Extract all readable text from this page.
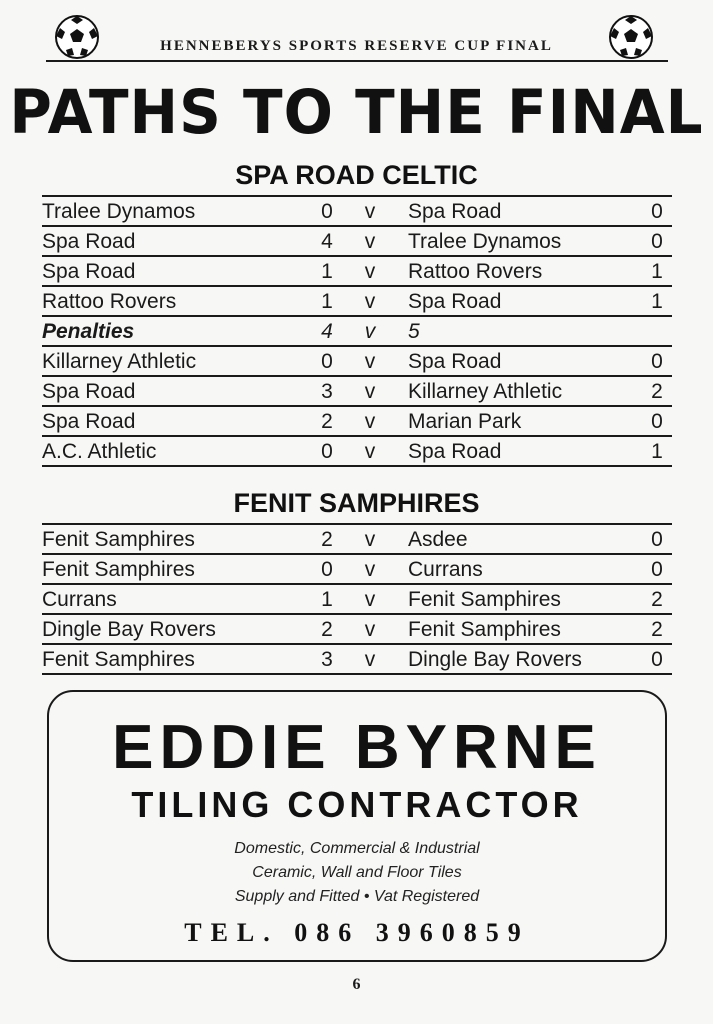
HENNEBERYS SPORTS RESERVE CUP FINAL
PATHS TO THE FINAL
SPA ROAD CELTIC
Tralee Dynamos	0 v Spa Road	0
Spa Road	4 v Tralee Dynamos	0
Spa Road	1 v Rattoo Rovers	1
Rattoo Rovers	1 v Spa Road	1
Penalties	4 v 5
Killarney Athletic	0 v Spa Road	0
Spa Road	3 v Killarney Athletic	2
Spa Road	2 v Marian Park	0
A.C. Athletic	0 v Spa Road	1
FENIT SAMPHIRES
Fenit Samphires	2 v Asdee	0
Fenit Samphires	0 v Currans	0
Currans	1 v Fenit Samphires	2
Dingle Bay Rovers	2 v Fenit Samphires	2
Fenit Samphires	3 v Dingle Bay Rovers	0
EDDIE BYRNE
TILING CONTRACTOR
Domestic, Commercial & Industrial
Ceramic, Wall and Floor Tiles
Supply and Fitted • Vat Registered
TEL. 086 3960859
6
